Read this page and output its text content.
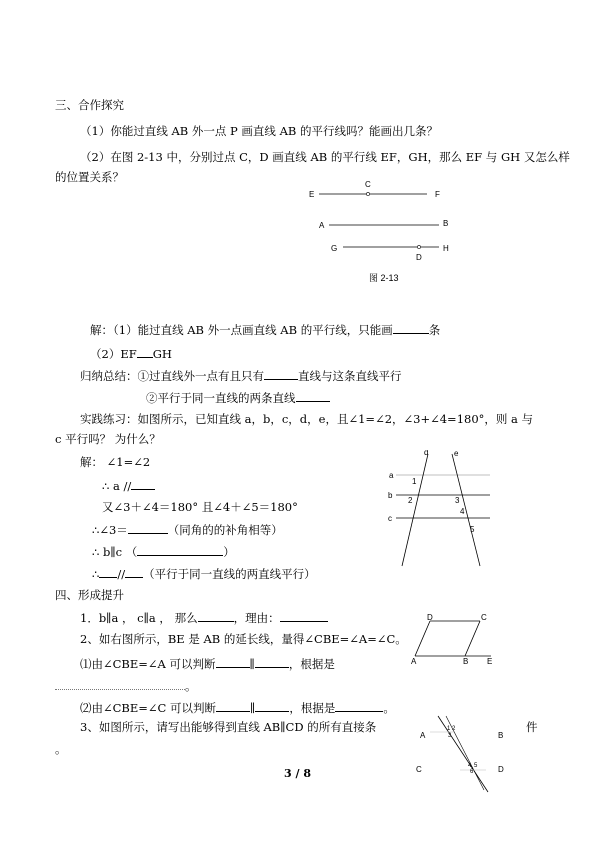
三、合作探究
（1）你能过直线 AB 外一点 P 画直线 AB 的平行线吗？能画出几条？
（2）在图 2-13 中，分别过点 C，D 画直线 AB 的平行线 EF，GH，那么 EF 与 GH 又怎么样
的位置关系？
E
C
F
A	B
G
D
H
图 2-13
解：（1）能过直线 AB 外一点画直线 AB 的平行线，只能画	条
（2）EF GH
归纳总结：①过直线外一点有且只有	直线与这条直线平行
②平行于同一直线的两条直线
实践练习：如图所示，已知直线 a，b，c，d，e，且∠1=∠2，∠3+∠4=180°，则 a 与
c 平行吗？ 为什么？
解： ∠1=∠2
∴ a //
又∠3＋∠4＝180° 且∠4＋∠5＝180°
∴∠3＝	（同角的的补角相等）
∴ b∥c （	）
∴ // （平行于同一直线的两直线平行）
d	e
a
b
c
1
2	3
4
5
四、形成提升
1．b∥a ， c∥a ， 那么	，理由：
2、如右图所示，BE 是 AB 的延长线，量得∠CBE=∠A=∠C。
⑴由∠CBE=∠A 可以判断	∥	，根据是
。
⑵由∠CBE=∠C 可以判断	∥	，根据是	。
3、如图所示，请写出能够得到直线 AB∥CD 的所有直接条	件
。
D	C
A	B E
A	B
C	D
1 2
3
4 5
6
3 / 8
